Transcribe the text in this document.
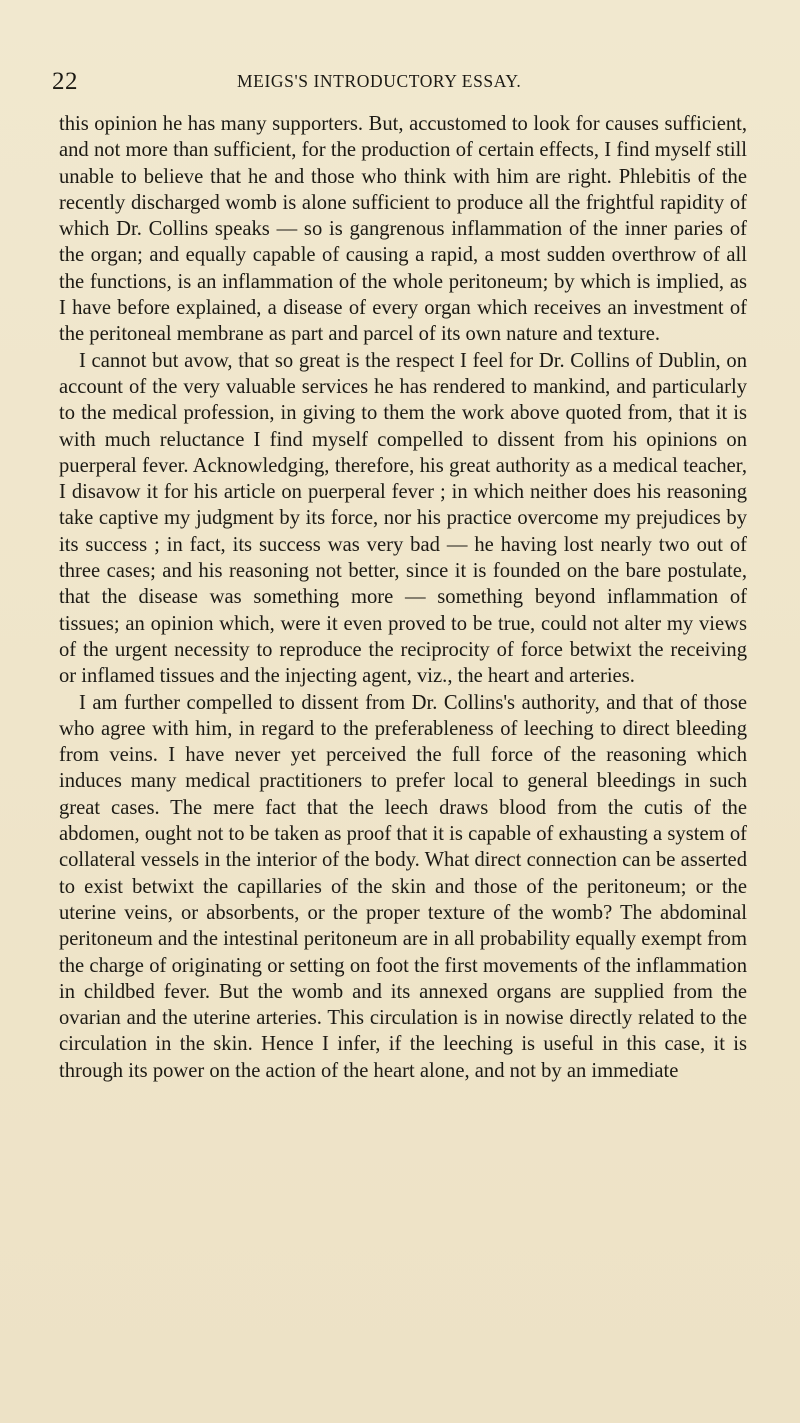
22	MEIGS'S INTRODUCTORY ESSAY.

this opinion he has many supporters. But, accustomed to look for causes sufficient, and not more than sufficient, for the production of certain effects, I find myself still unable to believe that he and those who think with him are right. Phlebitis of the recently discharged womb is alone sufficient to produce all the frightful rapidity of which Dr. Collins speaks — so is gangrenous inflammation of the inner paries of the organ; and equally capable of causing a rapid, a most sudden overthrow of all the functions, is an inflammation of the whole peritoneum; by which is implied, as I have before explained, a disease of every organ which receives an investment of the peritoneal membrane as part and parcel of its own nature and texture.

I cannot but avow, that so great is the respect I feel for Dr. Collins of Dublin, on account of the very valuable services he has rendered to mankind, and particularly to the medical profession, in giving to them the work above quoted from, that it is with much reluctance I find myself compelled to dissent from his opinions on puerperal fever. Acknowledging, therefore, his great authority as a medical teacher, I disavow it for his article on puerperal fever ; in which neither does his reasoning take captive my judgment by its force, nor his practice overcome my prejudices by its success ; in fact, its success was very bad — he having lost nearly two out of three cases; and his reasoning not better, since it is founded on the bare postulate, that the disease was something more — something beyond inflammation of tissues; an opinion which, were it even proved to be true, could not alter my views of the urgent necessity to reproduce the reciprocity of force betwixt the receiving or inflamed tissues and the injecting agent, viz., the heart and arteries.

I am further compelled to dissent from Dr. Collins's authority, and that of those who agree with him, in regard to the preferableness of leeching to direct bleeding from veins. I have never yet perceived the full force of the reasoning which induces many medical practitioners to prefer local to general bleedings in such great cases. The mere fact that the leech draws blood from the cutis of the abdomen, ought not to be taken as proof that it is capable of exhausting a system of collateral vessels in the interior of the body. What direct connection can be asserted to exist betwixt the capillaries of the skin and those of the peritoneum; or the uterine veins, or absorbents, or the proper texture of the womb? The abdominal peritoneum and the intestinal peritoneum are in all probability equally exempt from the charge of originating or setting on foot the first movements of the inflammation in childbed fever. But the womb and its annexed organs are supplied from the ovarian and the uterine arteries. This circulation is in nowise directly related to the circulation in the skin. Hence I infer, if the leeching is useful in this case, it is through its power on the action of the heart alone, and not by an immediate
